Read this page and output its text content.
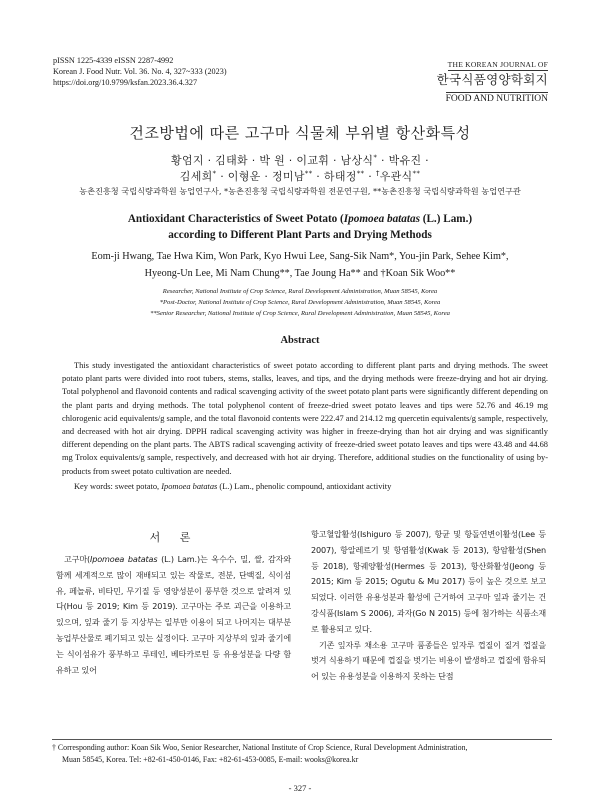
pISSN 1225-4339 eISSN 2287-4992
Korean J. Food Nutr. Vol. 36. No. 4, 327~333 (2023)
https://doi.org/10.9799/ksfan.2023.36.4.327
THE KOREAN JOURNAL OF
한국식품영양학회지
FOOD AND NUTRITION
건조방법에 따른 고구마 식물체 부위별 항산화특성
황엄지 · 김태화 · 박 원 · 이교휘 · 남상식* · 박유진 ·
김세희* · 이형운 · 정미남** · 하태정** · †우관식**
농촌진흥청 국립식량과학원 농업연구사, *농촌진흥청 국립식량과학원 전문연구원, **농촌진흥청 국립식량과학원 농업연구관
Antioxidant Characteristics of Sweet Potato (Ipomoea batatas (L.) Lam.)
according to Different Plant Parts and Drying Methods
Eom-ji Hwang, Tae Hwa Kim, Won Park, Kyo Hwui Lee, Sang-Sik Nam*, You-jin Park, Sehee Kim*,
Hyeong-Un Lee, Mi Nam Chung**, Tae Joung Ha** and †Koan Sik Woo**
Researcher, National Institute of Crop Science, Rural Development Administration, Muan 58545, Korea
*Post-Doctor, National Institute of Crop Science, Rural Development Administration, Muan 58545, Korea
**Senior Researcher, National Institute of Crop Science, Rural Development Administration, Muan 58545, Korea
Abstract
This study investigated the antioxidant characteristics of sweet potato according to different plant parts and drying methods. The sweet potato plant parts were divided into root tubers, stems, stalks, leaves, and tips, and the drying methods were freeze-drying and hot air drying. Total polyphenol and flavonoid contents and radical scavenging activity of the sweet potato plant parts were significantly different depending on the plant parts and drying methods. The total polyphenol content of freeze-dried sweet potato leaves and tips were 52.76 and 46.19 mg chlorogenic acid equivalents/g sample, and the total flavonoid contents were 222.47 and 214.12 mg quercetin equivalents/g sample, respectively, and decreased with hot air drying. DPPH radical scavenging activity was higher in freeze-drying than hot air drying and was significantly different depending on the plant parts. The ABTS radical scavenging activity of freeze-dried sweet potato leaves and tips were 43.48 and 44.68 mg Trolox equivalents/g sample, respectively, and decreased with hot air drying. Therefore, additional studies on the functionality of using by-products from sweet potato cultivation are needed.
Key words: sweet potato, Ipomoea batatas (L.) Lam., phenolic compound, antioxidant activity
서 론

고구마(Ipomoea batatas (L.) Lam.)는 옥수수, 밀, 쌀, 감자와 함께 세계적으로 많이 재배되고 있는 작물로, 전분, 단백질, 식이섬유, 페놀류, 비타민, 무기질 등 영양성분이 풍부한 것으로 알려져 있다(Hou 등 2019; Kim 등 2019). 고구마는 주로 괴근을 이용하고 있으며, 잎과 줄기 등 지상부는 일부만 이용이 되고 나머지는 대부분 농업부산물로 폐기되고 있는 실정이다. 고구마 지상부의 잎과 줄기에는 식이섬유가 풍부하고 루테인, 베타카로틴 등 유용성분을 다량 함유하고 있어

항고혈압활성(Ishiguro 등 2007), 항균 및 항돌연변이활성(Lee 등 2007), 항알레르기 및 항염활성(Kwak 등 2013), 항암활성(Shen 등 2018), 항궤양활성(Hermes 등 2013), 항산화활성(Jeong 등 2015; Kim 등 2015; Ogutu & Mu 2017) 등이 높은 것으로 보고되었다. 이러한 유용성분과 활성에 근거하여 고구마 잎과 줄기는 건강식품(Islam S 2006), 과자(Go N 2015) 등에 첨가하는 식품소재로 활용되고 있다.

기존 잎자루 채소용 고구마 품종들은 잎자루 껍질이 질겨 껍질을 벗겨 식용하기 때문에 껍질을 벗기는 비용이 발생하고 껍질에 함유되어 있는 유용성분을 이용하지 못하는 단점

† Corresponding author: Koan Sik Woo, Senior Researcher, National Institute of Crop Science, Rural Development Administration,
Muan 58545, Korea. Tel: +82-61-450-0146, Fax: +82-61-453-0085, E-mail: wooks@korea.kr
- 327 -
